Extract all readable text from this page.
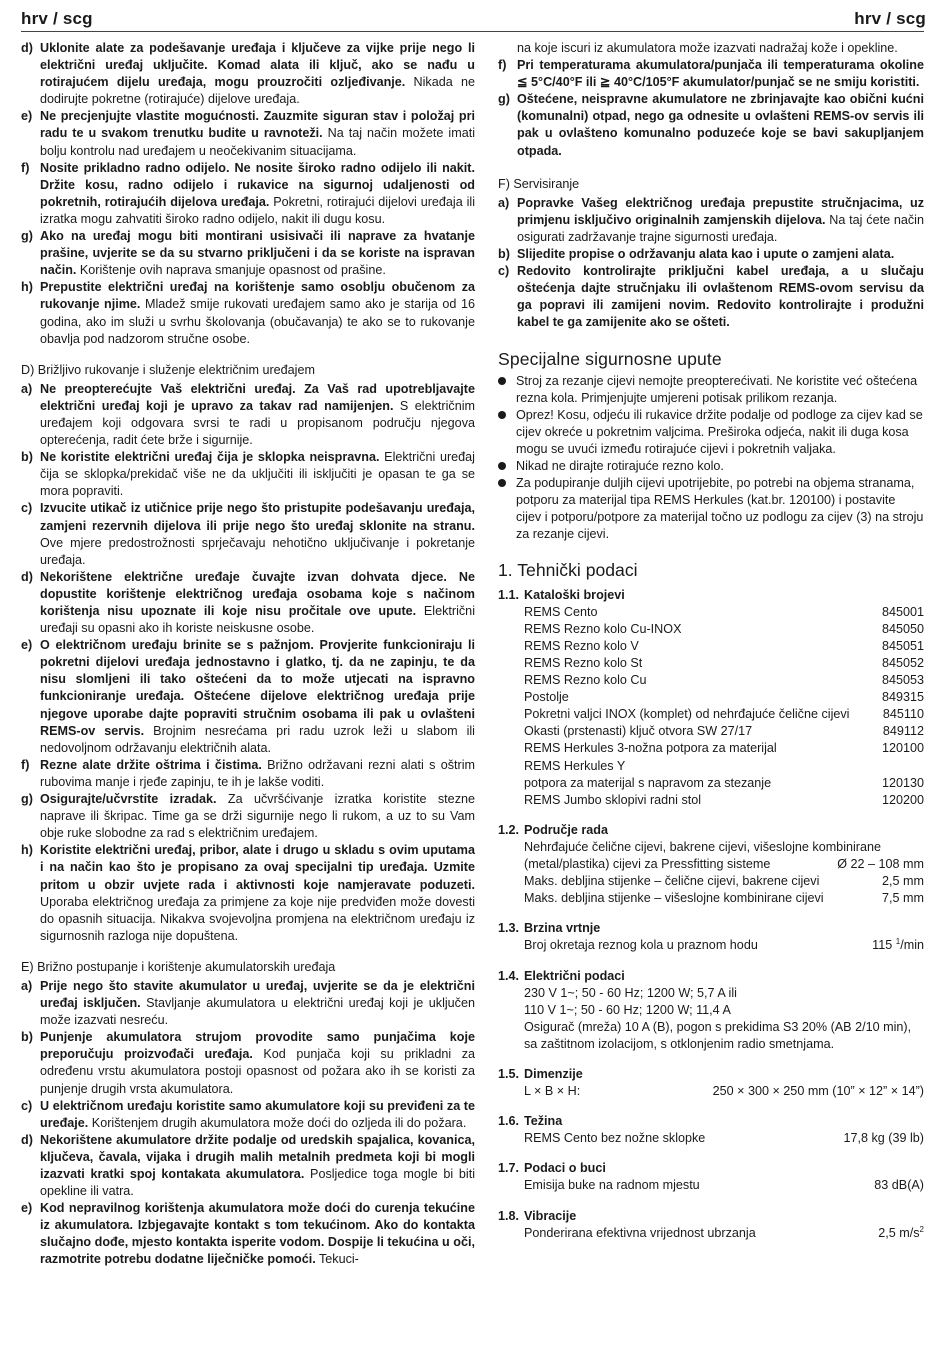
hrv / scg	hrv / scg
d) Uklonite alate za podešavanje uređaja i ključeve za vijke prije nego li električni uređaj uključite. Komad alata ili ključ, ako se nađu u rotirajućem dijelu uređaja, mogu prouzročiti ozljeđivanje. Nikada ne dodirujte pokretne (rotirajuće) dijelove uređaja.
e) Ne precjenjujte vlastite mogućnosti. Zauzmite siguran stav i položaj pri radu te u svakom trenutku budite u ravnoteži. Na taj način možete imati bolju kontrolu nad uređajem u neočekivanim situacijama.
f) Nosite prikladno radno odijelo. Ne nosite široko radno odijelo ili nakit. Držite kosu, radno odijelo i rukavice na sigurnoj udaljenosti od pokretnih, rotirajućih dijelova uređaja. Pokretni, rotirajući dijelovi uređaja ili izratka mogu zahvatiti široko radno odijelo, nakit ili dugu kosu.
g) Ako na uređaj mogu biti montirani usisivači ili naprave za hvatanje prašine, uvjerite se da su stvarno priključeni i da se koriste na ispravan način. Korištenje ovih naprava smanjuje opasnost od prašine.
h) Prepustite električni uređaj na korištenje samo osoblju obučenom za rukovanje njime. Mladež smije rukovati uređajem samo ako je starija od 16 godina, ako im služi u svrhu školovanja (obučavanja) te ako se to rukovanje obavlja pod nadzorom stručne osobe.
D) Brižljivo rukovanje i služenje električnim uređajem
a) Ne preopterećujte Vaš električni uređaj. Za Vaš rad upotrebljavajte električni uređaj koji je upravo za takav rad namijenjen. S električnim uređajem koji odgovara svrsi te radi u propisanom području njegova opterećenja, radit ćete brže i sigurnije.
b) Ne koristite električni uređaj čija je sklopka neispravna. Električni uređaj čija se sklopka/prekidač više ne da uključiti ili isključiti je opasan te ga se mora popraviti.
c) Izvucite utikač iz utičnice prije nego što pristupite podešavanju uređaja, zamjeni rezervnih dijelova ili prije nego što uređaj sklonite na stranu. Ove mjere predostrožnosti sprječavaju nehotično uključivanje i pokretanje uređaja.
d) Nekorištene električne uređaje čuvajte izvan dohvata djece. Ne dopustite korištenje električnog uređaja osobama koje s načinom korištenja nisu upoznate ili koje nisu pročitale ove upute. Električni uređaji su opasni ako ih koriste neiskusne osobe.
e) O električnom uređaju brinite se s pažnjom. Provjerite funkcioniraju li pokretni dijelovi uređaja jednostavno i glatko, tj. da ne zapinju, te da nisu slomljeni ili tako oštećeni da to može utjecati na ispravno funkcioniranje uređaja. Oštećene dijelove električnog uređaja prije njegove uporabe dajte popraviti stručnim osobama ili pak u ovlašteni REMS-ov servis. Brojnim nesrećama pri radu uzrok leži u slabom ili nedovoljnom održavanju električnih alata.
f) Rezne alate držite oštrima i čistima. Brižno održavani rezni alati s oštrim rubovima manje i rjeđe zapinju, te ih je lakše voditi.
g) Osigurajte/učvrstite izradak. Za učvršćivanje izratka koristite stezne naprave ili škripac. Time ga se drži sigurnije nego li rukom, a uz to su Vam obje ruke slobodne za rad s električnim uređajem.
h) Koristite električni uređaj, pribor, alate i drugo u skladu s ovim uputama i na način kao što je propisano za ovaj specijalni tip uređaja. Uzmite pritom u obzir uvjete rada i aktivnosti koje namjeravate poduzeti. Uporaba električnog uređaja za primjene za koje nije predviđen može dovesti do opasnih situacija. Nikakva svojevoljna promjena na električnom uređaju iz sigurnosnih razloga nije dopuštena.
E) Brižno postupanje i korištenje akumulatorskih uređaja
a) Prije nego što stavite akumulator u uređaj, uvjerite se da je električni uređaj isključen. Stavljanje akumulatora u električni uređaj koji je uključen može izazvati nesreću.
b) Punjenje akumulatora strujom provodite samo punjačima koje preporučuju proizvođači uređaja. Kod punjača koji su prikladni za određenu vrstu akumulatora postoji opasnost od požara ako ih se koristi za punjenje drugih vrsta akumulatora.
c) U električnom uređaju koristite samo akumulatore koji su previđeni za te uređaje. Korištenjem drugih akumulatora može doći do ozljeda ili do požara.
d) Nekorištene akumulatore držite podalje od uredskih spajalica, kovanica, ključeva, čavala, vijaka i drugih malih metalnih predmeta koji bi mogli izazvati kratki spoj kontakata akumulatora. Posljedice toga mogle bi biti opekline ili vatra.
e) Kod nepravilnog korištenja akumulatora može doći do curenja tekućine iz akumulatora. Izbjegavajte kontakt s tom tekućinom. Ako do kontakta slučajno dođe, mjesto kontakta isperite vodom. Dospije li tekućina u oči, razmotrite potrebu dodatne liječničke pomoći. Tekuci-
na koje iscuri iz akumulatora može izazvati nadražaj kože i opekline.
f) Pri temperaturama akumulatora/punjača ili temperaturama okoline ≦ 5°C/40°F ili ≧ 40°C/105°F akumulator/punjač se ne smiju koristiti.
g) Oštećene, neispravne akumulatore ne zbrinjavajte kao obični kućni (komunalni) otpad, nego ga odnesite u ovlašteni REMS-ov servis ili pak u ovlašteno komunalno poduzeće koje se bavi sakupljanjem otpada.
F) Servisiranje
a) Popravke Vašeg električnog uređaja prepustite stručnjacima, uz primjenu isključivo originalnih zamjenskih dijelova. Na taj ćete način osigurati zadržavanje trajne sigurnosti uređaja.
b) Slijedite propise o održavanju alata kao i upute o zamjeni alata.
c) Redovito kontrolirajte priključni kabel uređaja, a u slučaju oštećenja dajte stručnjaku ili ovlaštenom REMS-ovom servisu da ga popravi ili zamijeni novim. Redovito kontrolirajte i produžni kabel te ga zamijenite ako se ošteti.
Specijalne sigurnosne upute
Stroj za rezanje cijevi nemojte preopterećivati. Ne koristite već oštećena rezna kola. Primjenjujte umjereni potisak prilikom rezanja.
Oprez! Kosu, odjeću ili rukavice držite podalje od podloge za cijev kad se cijev okreće u pokretnim valjcima. Preširoka odjeća, nakit ili duga kosa mogu se uvući između rotirajuće cijevi i pokretnih valjaka.
Nikad ne dirajte rotirajuće rezno kolo.
Za podupiranje duljih cijevi upotrijebite, po potrebi na objema stranama, potporu za materijal tipa REMS Herkules (kat.br. 120100) i postavite cijev i potporu/potpore za materijal točno uz podlogu za cijev (3) na stroju za rezanje cijevi.
1. Tehnički podaci
1.1. Kataloški brojevi
REMS Cento	845001
REMS Rezno kolo Cu-INOX	845050
REMS Rezno kolo V	845051
REMS Rezno kolo St	845052
REMS Rezno kolo Cu	845053
Postolje	849315
Pokretni valjci INOX (komplet) od nehrđajuće čelične cijevi	845110
Okasti (prstenasti) ključ otvora SW 27/17	849112
REMS Herkules 3-nožna potpora za materijal	120100
REMS Herkules Y
potpora za materijal s napravom za stezanje	120130
REMS Jumbo sklopivi radni stol	120200
1.2. Područje rada
Nehrđajuće čelične cijevi, bakrene cijevi, višeslojne kombinirane
(metal/plastika) cijevi za Pressfitting sisteme	Ø 22 – 108 mm
Maks. debljina stijenke – čelične cijevi, bakrene cijevi	2,5 mm
Maks. debljina stijenke – višeslojne kombinirane cijevi	7,5 mm
1.3. Brzina vrtnje
Broj okretaja reznog kola u praznom hodu	115 $^1$/min
1.4. Električni podaci
230 V 1~; 50 - 60 Hz; 1200 W; 5,7 A ili
110 V 1~; 50 - 60 Hz; 1200 W; 11,4 A
Osigurač (mreža) 10 A (B), pogon s prekidima S3 20% (AB 2/10 min), sa zaštitnom izolacijom, s otklonjenim radio smetnjama.
1.5. Dimenzije
L × B × H:	250 × 300 × 250 mm (10” × 12” × 14”)
1.6. Težina
REMS Cento bez nožne sklopke	17,8 kg (39 lb)
1.7. Podaci o buci
Emisija buke na radnom mjestu	83 dB(A)
1.8. Vibracije
Ponderirana efektivna vrijednost ubrzanja	2,5 $m/s^2$
